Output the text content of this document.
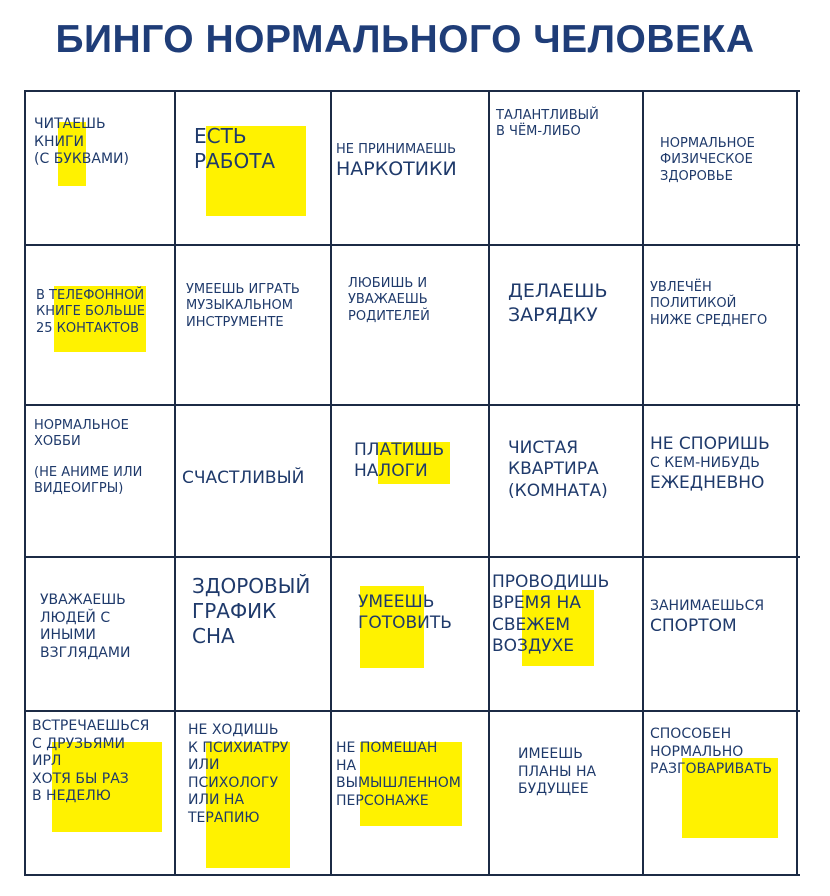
БИНГО НОРМАЛЬНОГО ЧЕЛОВЕКА
ЧИТАЕШЬ
КНИГИ
(С БУКВАМИ)
ЕСТЬ
РАБОТА	НЕ ПРИНИМАЕШЬ
НАРКОТИКИ
ТАЛАНТЛИВЫЙ
В ЧЁМ-ЛИБО
НОРМАЛЬНОЕ
ФИЗИЧЕСКОЕ
ЗДОРОВЬЕ
В ТЕЛЕФОННОЙ
КНИГЕ БОЛЬШЕ
25 КОНТАКТОВ
УМЕЕШЬ ИГРАТЬ
МУЗЫКАЛЬНОМ
ИНСТРУМЕНТЕ
ЛЮБИШЬ И
УВАЖАЕШЬ
РОДИТЕЛЕЙ
ДЕЛАЕШЬ
ЗАРЯДКУ
УВЛЕЧЁН
ПОЛИТИКОЙ
НИЖЕ СРЕДНЕГО
НОРМАЛЬНОЕ
ХОББИ
(НЕ АНИМЕ ИЛИ
ВИДЕОИГРЫ)
СЧАСТЛИВЫЙ
ПЛАТИШЬ
НАЛОГИ
ЧИСТАЯ
КВАРТИРА
(КОМНАТА)
НЕ СПОРИШЬ
С КЕМ-НИБУДЬ
ЕЖЕДНЕВНО
УВАЖАЕШЬ
ЛЮДЕЙ С
ИНЫМИ
ВЗГЛЯДАМИ
ЗДОРОВЫЙ
ГРАФИК
СНА
УМЕЕШЬ
ГОТОВИТЬ
ПРОВОДИШЬ
ВРЕМЯ НА
СВЕЖЕМ
ВОЗДУХЕ
ЗАНИМАЕШЬСЯ
СПОРТОМ
ВСТРЕЧАЕШЬСЯ
С ДРУЗЬЯМИ
ИРЛ
ХОТЯ БЫ РАЗ
В НЕДЕЛЮ
НЕ ХОДИШЬ
К ПСИХИАТРУ
ИЛИ
ПСИХОЛОГУ
ИЛИ НА
ТЕРАПИЮ
НЕ ПОМЕШАН
НА
ВЫМЫШЛЕННОМ
ПЕРСОНАЖЕ
ИМЕЕШЬ
ПЛАНЫ НА
БУДУЩЕЕ
СПОСОБЕН
НОРМАЛЬНО
РАЗГОВАРИВАТЬ
